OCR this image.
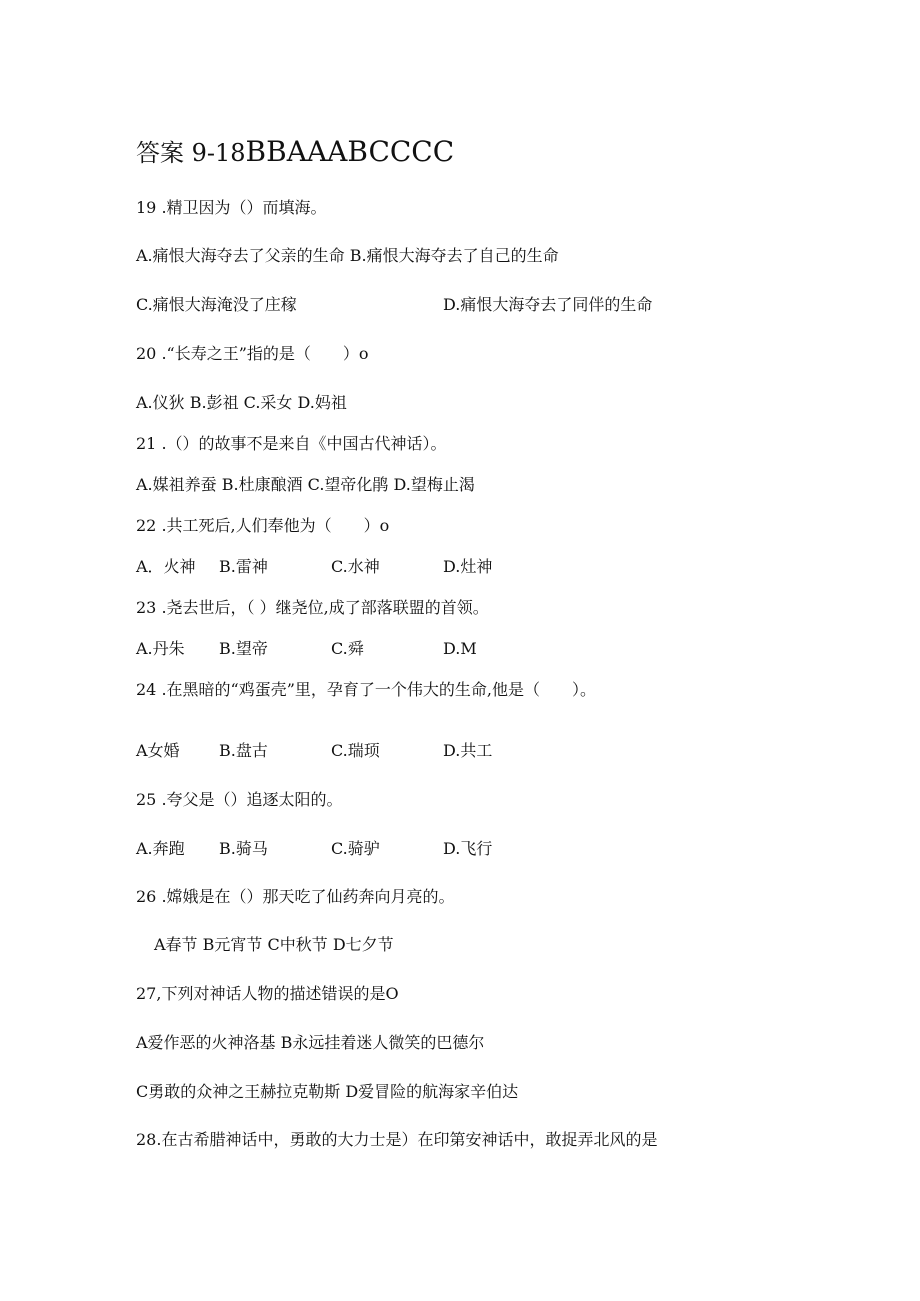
答案 9-18BBAAABCCCC
19 .精卫因为（）而填海。
A.痛恨大海夺去了父亲的生命 B.痛恨大海夺去了自己的生命
C.痛恨大海淹没了庄稼	D.痛恨大海夺去了同伴的生命
20 .“长寿之王”指的是（　　）o
A.仪狄 B.彭祖 C.采女 D.妈祖
21 .（）的故事不是来自《中国古代神话）。
A.媒祖养蚕 B.杜康酿酒 C.望帝化鹃 D.望梅止渴
22 .共工死后,人们奉他为（　　）o
A．火神 B.雷神	C.水神	D.灶神
23 .尧去世后，（ ）继尧位,成了部落联盟的首领。
A.丹朱 B.望帝	C.舜	D.M
24 .在黑暗的“鸡蛋壳”里，孕育了一个伟大的生命,他是（　　）。
A女婚 B.盘古	C.瑞顼	D.共工
25 .夸父是（）追逐太阳的。
A.奔跑 B.骑马	C.骑驴	D.飞行
26 .嫦娥是在（）那天吃了仙药奔向月亮的。
A春节 B元宵节 C中秋节 D七夕节
27,下列对神话人物的描述错误的是O
A爱作恶的火神洛基 B永远挂着迷人微笑的巴德尔
C勇敢的众神之王赫拉克勒斯 D爱冒险的航海家辛伯达
28.在古希腊神话中，勇敢的大力士是）在印第安神话中，敢捉弄北风的是
